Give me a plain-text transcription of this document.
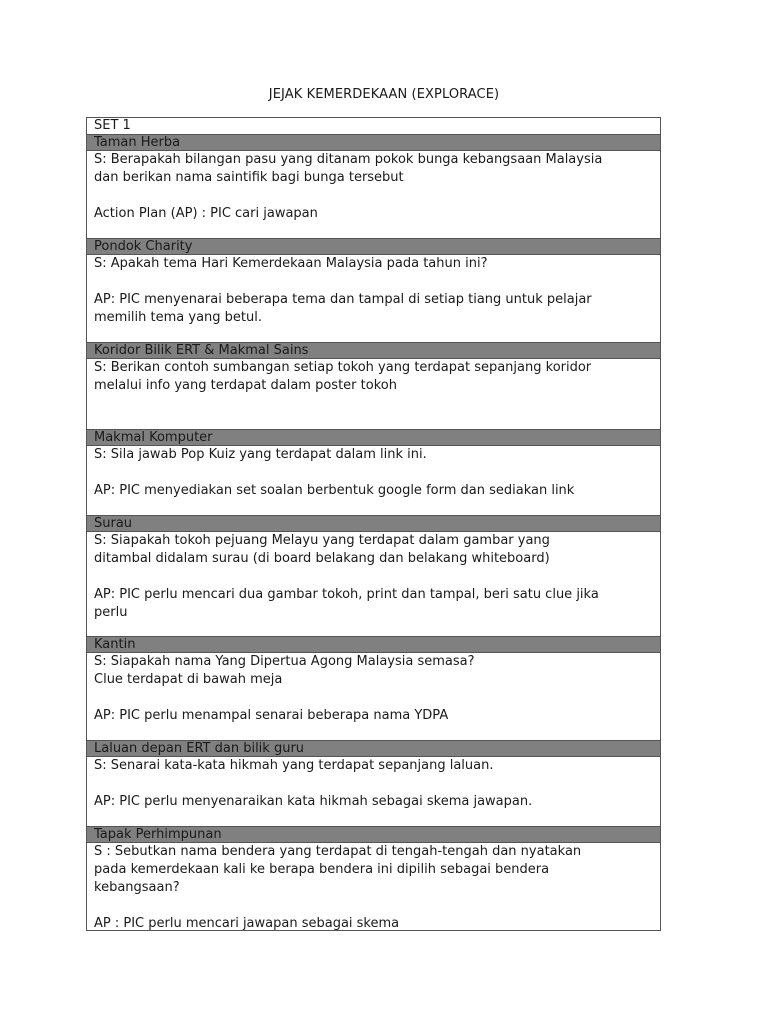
JEJAK KEMERDEKAAN (EXPLORACE)
SET 1
Taman Herba
S: Berapakah bilangan pasu yang ditanam pokok bunga kebangsaan Malaysia
dan berikan nama saintifik bagi bunga tersebut
Action Plan (AP) : PIC cari jawapan
Pondok Charity
S: Apakah tema Hari Kemerdekaan Malaysia pada tahun ini?
AP: PIC menyenarai beberapa tema dan tampal di setiap tiang untuk pelajar
memilih tema yang betul.
Koridor Bilik ERT & Makmal Sains
S: Berikan contoh sumbangan setiap tokoh yang terdapat sepanjang koridor
melalui info yang terdapat dalam poster tokoh
Makmal Komputer
S: Sila jawab Pop Kuiz yang terdapat dalam link ini.
AP: PIC menyediakan set soalan berbentuk google form dan sediakan link
Surau
S: Siapakah tokoh pejuang Melayu yang terdapat dalam gambar yang
ditambal didalam surau (di board belakang dan belakang whiteboard)
AP: PIC perlu mencari dua gambar tokoh, print dan tampal, beri satu clue jika
perlu
Kantin
S: Siapakah nama Yang Dipertua Agong Malaysia semasa?
Clue terdapat di bawah meja
AP: PIC perlu menampal senarai beberapa nama YDPA
Laluan depan ERT dan bilik guru
S: Senarai kata-kata hikmah yang terdapat sepanjang laluan.
AP: PIC perlu menyenaraikan kata hikmah sebagai skema jawapan.
Tapak Perhimpunan
S : Sebutkan nama bendera yang terdapat di tengah-tengah dan nyatakan
pada kemerdekaan kali ke berapa bendera ini dipilih sebagai bendera
kebangsaan?
AP : PIC perlu mencari jawapan sebagai skema
